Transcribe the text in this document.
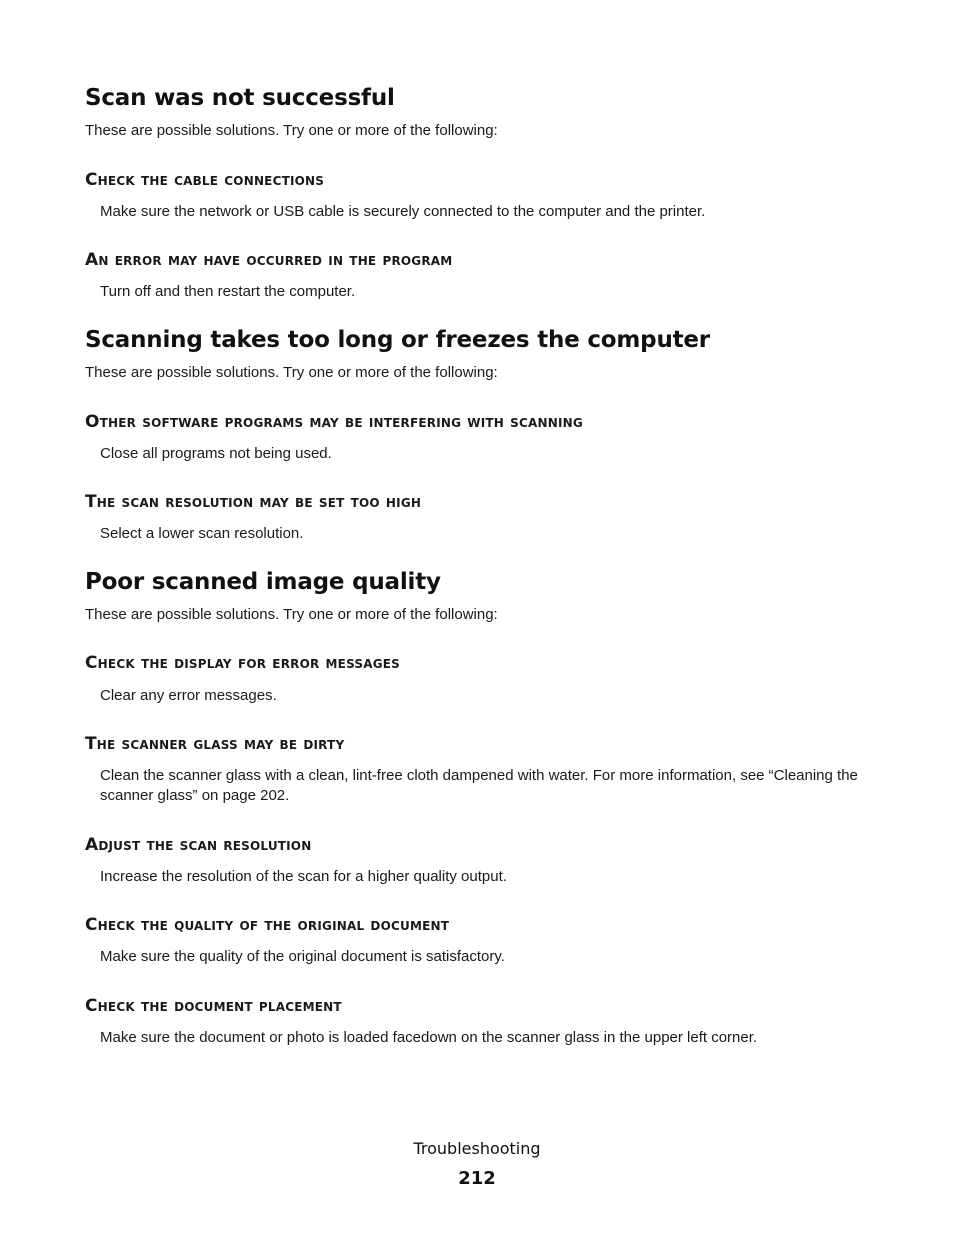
Scan was not successful

These are possible solutions. Try one or more of the following:

Check the cable connections

Make sure the network or USB cable is securely connected to the computer and the printer.

An error may have occurred in the program

Turn off and then restart the computer.

Scanning takes too long or freezes the computer

These are possible solutions. Try one or more of the following:

Other software programs may be interfering with scanning

Close all programs not being used.

The scan resolution may be set too high

Select a lower scan resolution.

Poor scanned image quality

These are possible solutions. Try one or more of the following:

Check the display for error messages

Clear any error messages.

The scanner glass may be dirty

Clean the scanner glass with a clean, lint-free cloth dampened with water. For more information, see “Cleaning the scanner glass” on page 202.

Adjust the scan resolution

Increase the resolution of the scan for a higher quality output.

Check the quality of the original document

Make sure the quality of the original document is satisfactory.

Check the document placement

Make sure the document or photo is loaded facedown on the scanner glass in the upper left corner.

Troubleshooting
212
